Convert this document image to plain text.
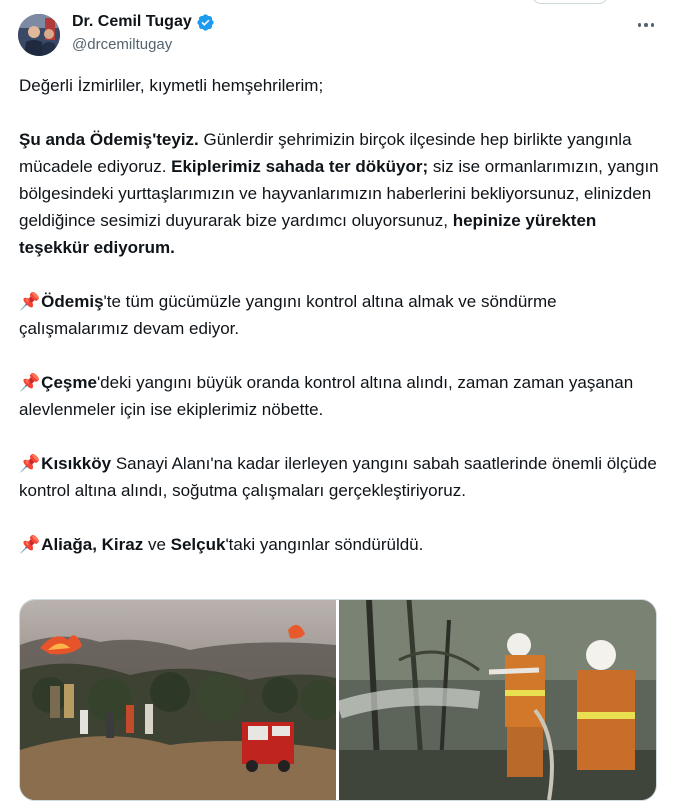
Dr. Cemil Tugay
@drcemiltugay

Değerli İzmirliler, kıymetli hemşehrilerim;

Şu anda Ödemiş'teyiz. Günlerdir şehrimizin birçok ilçesinde hep birlikte yangınla mücadele ediyoruz. Ekiplerimiz sahada ter döküyor; siz ise ormanlarımızın, yangın bölgesindeki yurttaşlarımızın ve hayvanlarımızın haberlerini bekliyorsunuz, elinizden geldiğince sesimizi duyurarak bize yardımcı oluyorsunuz, hepinize yürekten teşekkür ediyorum.

📌Ödemiş'te tüm gücümüzle yangını kontrol altına almak ve söndürme çalışmalarımız devam ediyor.

📌Çeşme'deki yangını büyük oranda kontrol altına alındı, zaman zaman yaşanan alevlenmeler için ise ekiplerimiz nöbette.

📌Kısıkköy Sanayi Alanı'na kadar ilerleyen yangını sabah saatlerinde önemli ölçüde kontrol altına alındı, soğutma çalışmaları gerçekleştiriyoruz.

📌Aliağa, Kiraz ve Selçuk'taki yangınlar söndürüldü.
